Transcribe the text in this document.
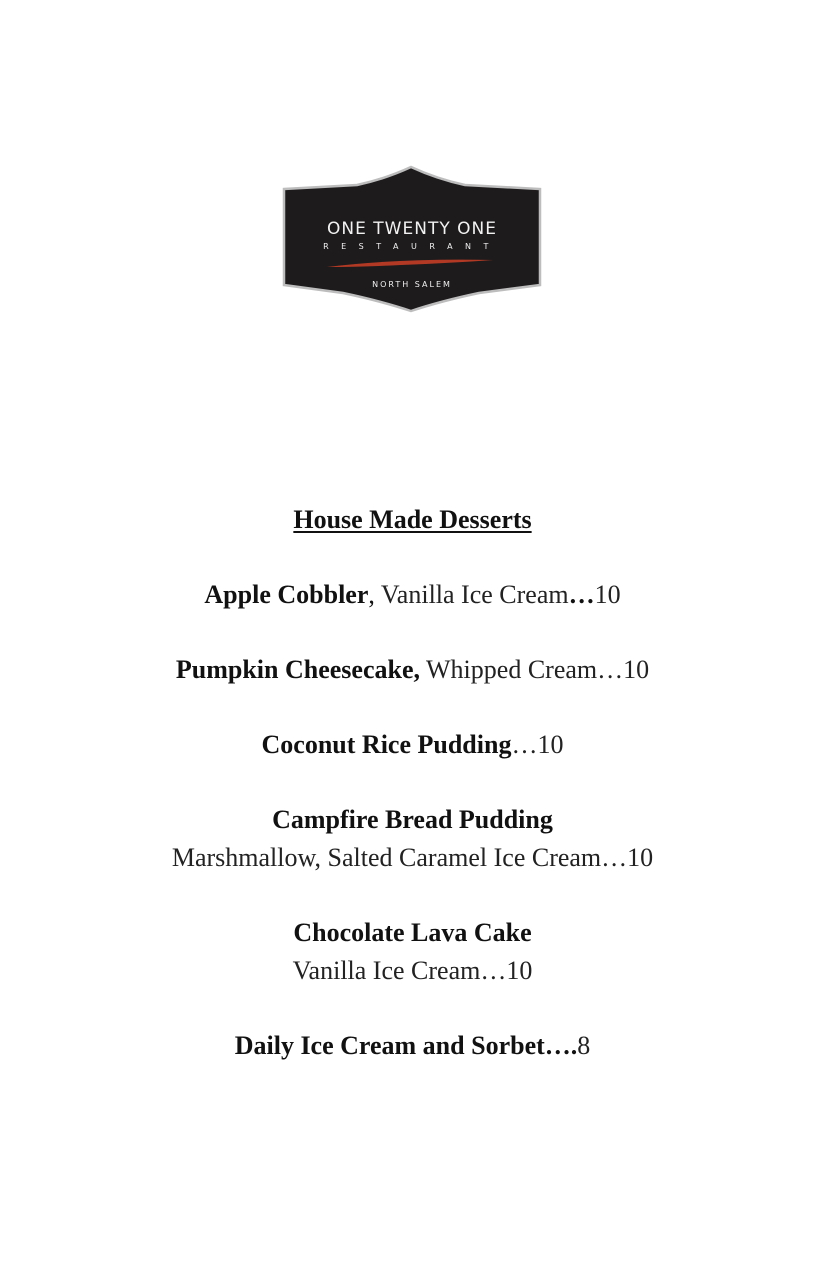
ONE TWENTY ONE
RESTAURANT
NORTH SALEM

House Made Desserts

Apple Cobbler, Vanilla Ice Cream…10

Pumpkin Cheesecake, Whipped Cream…10

Coconut Rice Pudding…10

Campfire Bread Pudding
Marshmallow, Salted Caramel Ice Cream…10

Chocolate Lava Cake
Vanilla Ice Cream…10

Daily Ice Cream and Sorbet….8
